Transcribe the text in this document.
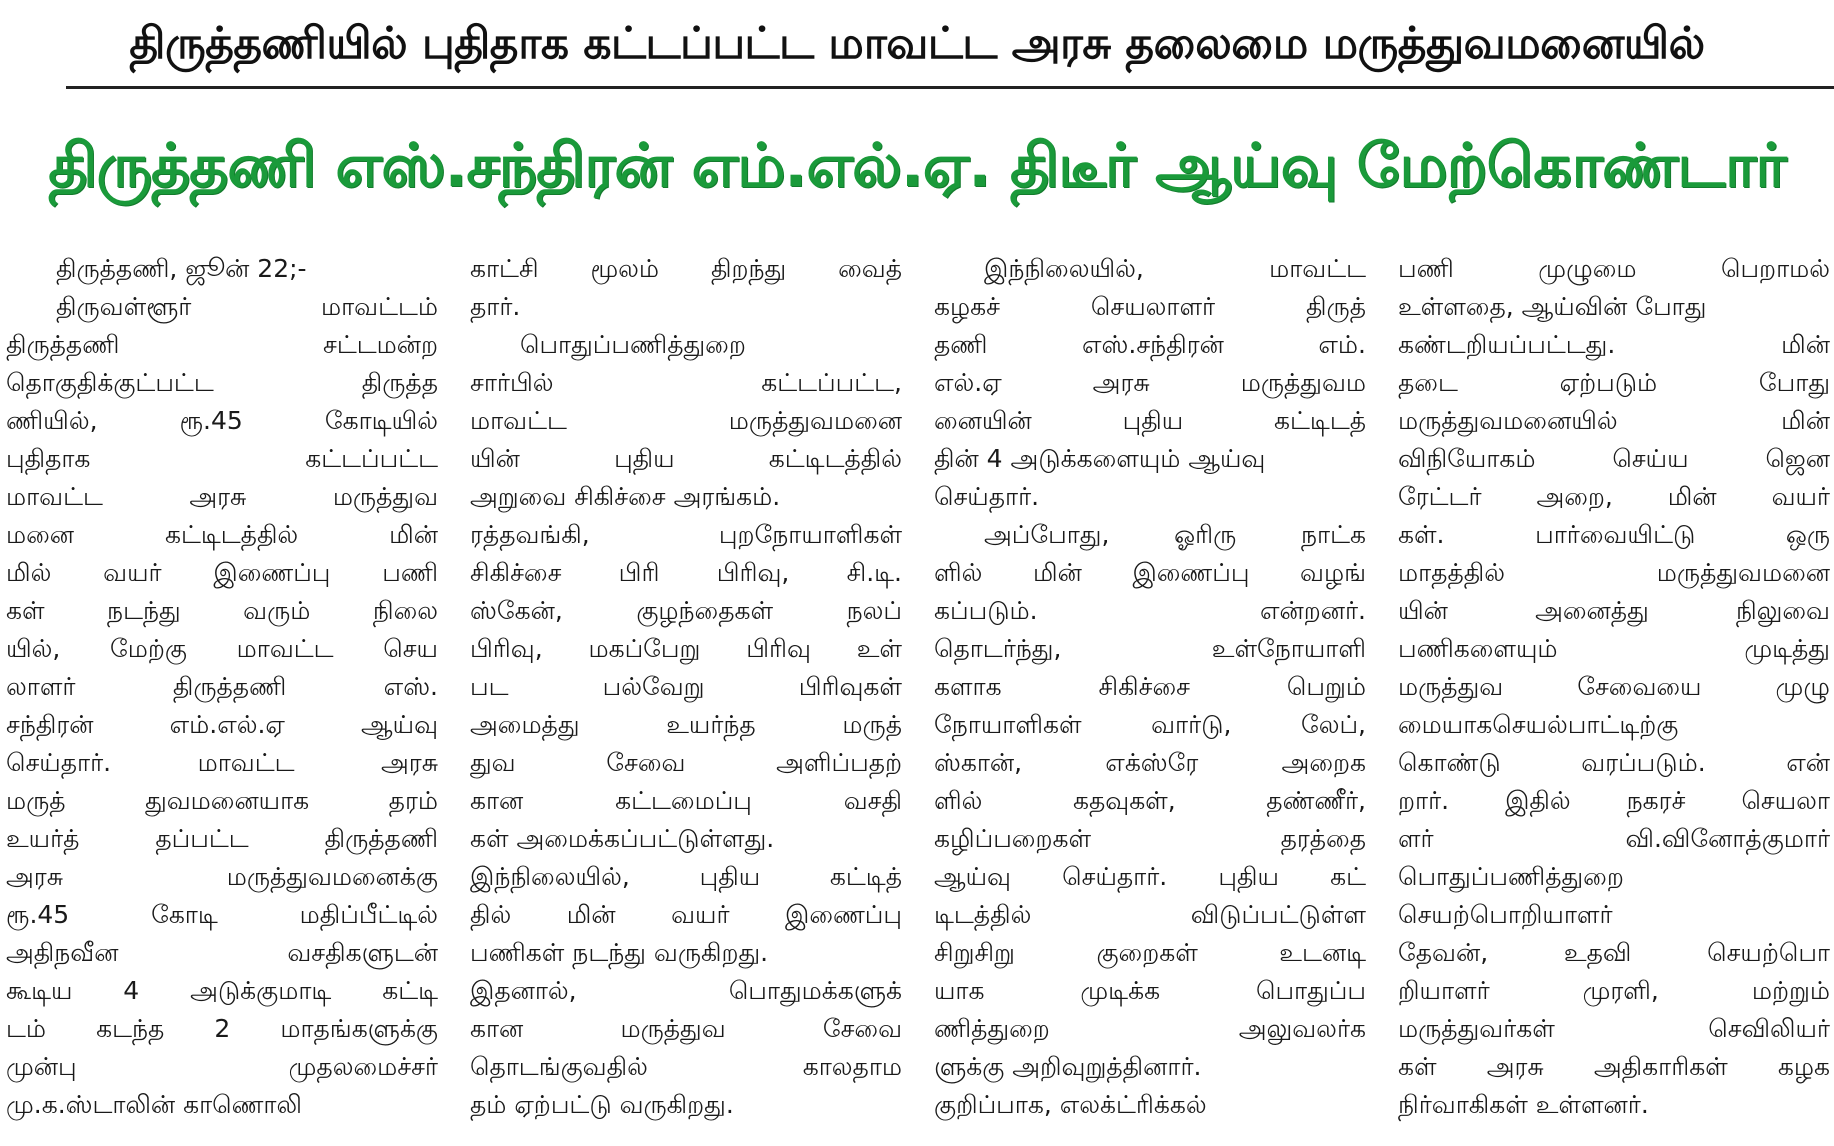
திருத்தணியில் புதிதாக கட்டப்பட்ட மாவட்ட அரசு தலைமை மருத்துவமனையில்
திருத்தணி எஸ்.சந்திரன் எம்.எல்.ஏ. திடீர் ஆய்வு மேற்கொண்டார்
திருத்தணி, ஜூன் 22;-
திருவள்ளூர் மாவட்டம்
திருத்தணி சட்டமன்ற
தொகுதிக்குட்பட்ட திருத்த
ணியில், ரூ.45 கோடியில்
புதிதாக கட்டப்பட்ட
மாவட்ட அரசு மருத்துவ
மனை கட்டிடத்தில் மின்
மில் வயர் இணைப்பு பணி
கள் நடந்து வரும் நிலை
யில், மேற்கு மாவட்ட செய
லாளர் திருத்தணி எஸ்.
சந்திரன் எம்.எல்.ஏ ஆய்வு
செய்தார். மாவட்ட அரசு
மருத் துவமனையாக தரம்
உயர்த் தப்பட்ட திருத்தணி
அரசு மருத்துவமனைக்கு
ரூ.45 கோடி மதிப்பீட்டில்
அதிநவீன வசதிகளுடன்
கூடிய 4 அடுக்குமாடி கட்டி
டம் கடந்த 2 மாதங்களுக்கு
முன்பு முதலமைச்சர்
மு.க.ஸ்டாலின் காணொலி
காட்சி மூலம் திறந்து வைத்
தார்.
பொதுப்பணித்துறை
சார்பில் கட்டப்பட்ட,
மாவட்ட மருத்துவமனை
யின் புதிய கட்டிடத்தில்
அறுவை சிகிச்சை அரங்கம்.
ரத்தவங்கி, புறநோயாளிகள்
சிகிச்சை பிரி பிரிவு, சி.டி.
ஸ்கேன், குழந்தைகள் நலப்
பிரிவு, மகப்பேறு பிரிவு உள்
பட பல்வேறு பிரிவுகள்
அமைத்து உயர்ந்த மருத்
துவ சேவை அளிப்பதற்
கான கட்டமைப்பு வசதி
கள் அமைக்கப்பட்டுள்ளது.
இந்நிலையில், புதிய கட்டித்
தில் மின் வயர் இணைப்பு
பணிகள் நடந்து வருகிறது.
இதனால், பொதுமக்களுக்
கான மருத்துவ சேவை
தொடங்குவதில் காலதாம
தம் ஏற்பட்டு வருகிறது.
இந்நிலையில், மாவட்ட
கழகச் செயலாளர் திருத்
தணி எஸ்.சந்திரன் எம்.
எல்.ஏ அரசு மருத்துவம
னையின் புதிய கட்டிடத்
தின் 4 அடுக்களையும் ஆய்வு
செய்தார்.
அப்போது, ஓரிரு நாட்க
ளில் மின் இணைப்பு வழங்
கப்படும். என்றனர்.
தொடர்ந்து, உள்நோயாளி
களாக சிகிச்சை பெறும்
நோயாளிகள் வார்டு, லேப்,
ஸ்கான், எக்ஸ்ரே அறைக
ளில் கதவுகள், தண்ணீர்,
கழிப்பறைகள் தரத்தை
ஆய்வு செய்தார். புதிய கட்
டிடத்தில் விடுப்பட்டுள்ள
சிறுசிறு குறைகள் உடனடி
யாக முடிக்க பொதுப்ப
ணித்துறை அலுவலர்க
ளுக்கு அறிவுறுத்தினார்.
குறிப்பாக, எலக்ட்ரிக்கல்
பணி முழுமை பெறாமல்
உள்ளதை, ஆய்வின் போது
கண்டறியப்பட்டது. மின்
தடை ஏற்படும் போது
மருத்துவமனையில் மின்
விநியோகம் செய்ய ஜென
ரேட்டர் அறை, மின் வயர்
கள். பார்வையிட்டு ஒரு
மாதத்தில் மருத்துவமனை
யின் அனைத்து நிலுவை
பணிகளையும் முடித்து
மருத்துவ சேவையை முழு
மையாகசெயல்பாட்டிற்கு
கொண்டு வரப்படும். என்
றார். இதில் நகரச் செயலா
ளர் வி.வினோத்குமார்
பொதுப்பணித்துறை
செயற்பொறியாளர்
தேவன், உதவி செயற்பொ
றியாளர் முரளி, மற்றும்
மருத்துவர்கள் செவிலியர்
கள் அரசு அதிகாரிகள் கழக
நிர்வாகிகள் உள்ளனர்.
